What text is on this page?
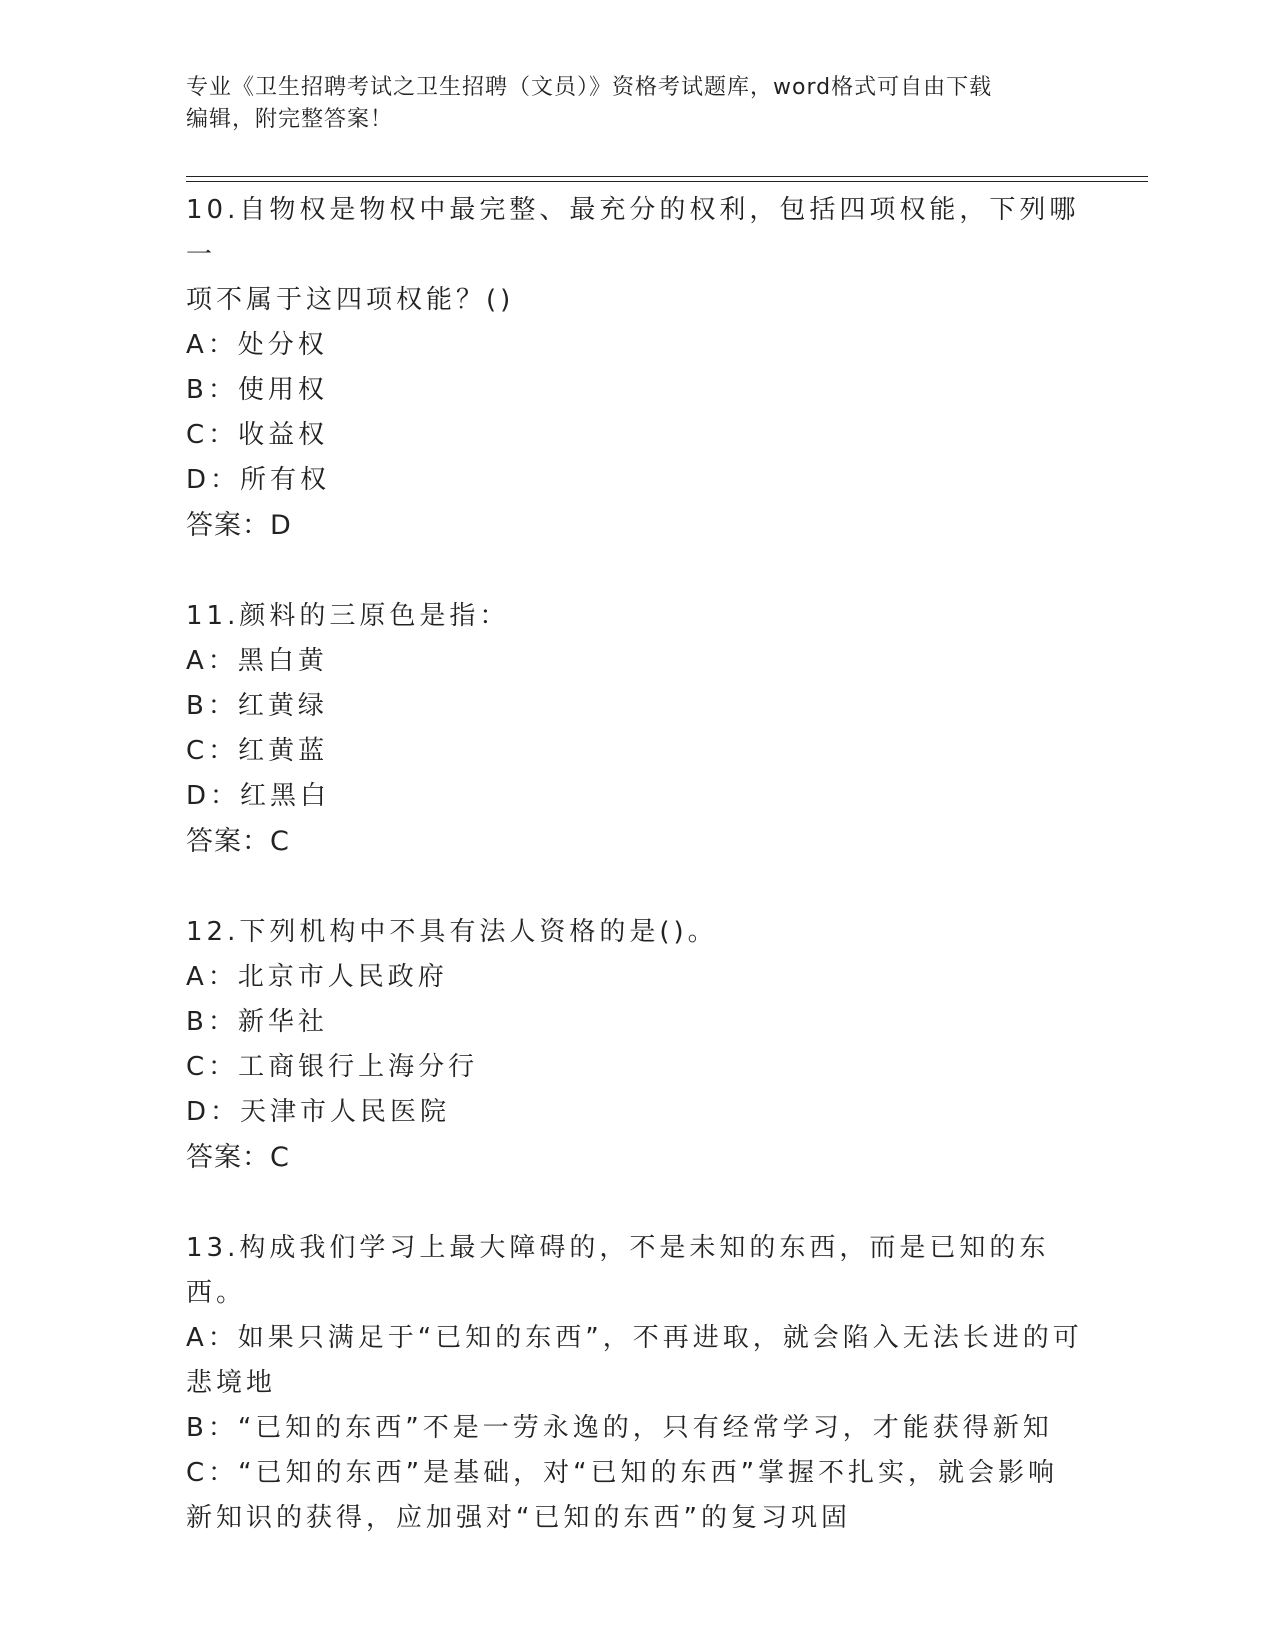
专业《卫生招聘考试之卫生招聘（文员）》资格考试题库，word格式可自由下载
编辑，附完整答案！
10.自物权是物权中最完整、最充分的权利，包括四项权能，下列哪一
项不属于这四项权能？()
A：处分权
B：使用权
C：收益权
D：所有权
答案：D
11.颜料的三原色是指：
A：黑白黄
B：红黄绿
C：红黄蓝
D：红黑白
答案：C
12.下列机构中不具有法人资格的是()。
A：北京市人民政府
B：新华社
C：工商银行上海分行
D：天津市人民医院
答案：C
13.构成我们学习上最大障碍的，不是未知的东西，而是已知的东西。
A：如果只满足于“已知的东西”，不再进取，就会陷入无法长进的可
悲境地
B：“已知的东西”不是一劳永逸的，只有经常学习，才能获得新知
C：“已知的东西”是基础，对“已知的东西”掌握不扎实，就会影响
新知识的获得，应加强对“已知的东西”的复习巩固
